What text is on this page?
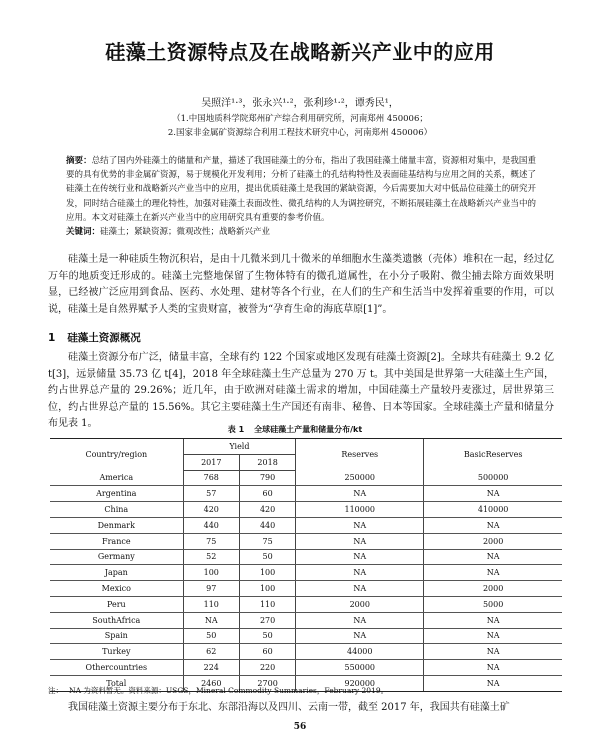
硅藻土资源特点及在战略新兴产业中的应用
吴照洋¹·³，张永兴¹·²，张利珍¹·²，谭秀民¹，
（1.中国地质科学院郑州矿产综合利用研究所，河南郑州 450006；
2.国家非金属矿资源综合利用工程技术研究中心，河南郑州 450006）
摘要：总结了国内外硅藻土的储量和产量，描述了我国硅藻土的分布，指出了我国硅藻土储量丰富，资源相对集中，是我国重要的具有优势的非金属矿资源，易于规模化开发利用；分析了硅藻土的孔结构特性及表面硅基结构与应用之间的关系，概述了硅藻土在传统行业和战略新兴产业当中的应用，提出优质硅藻土是我国的紧缺资源，今后需要加大对中低品位硅藻土的研究开发，同时结合硅藻土的理化特性，加强对硅藻土表面改性、微孔结构的人为调控研究，不断拓展硅藻土在战略新兴产业当中的应用。本文对硅藻土在新兴产业当中的应用研究具有重要的参考价值。
关键词：硅藻土；紧缺资源；微观改性；战略新兴产业
硅藻土是一种硅质生物沉积岩，是由十几微米到几十微米的单细胞水生藻类遗骸（壳体）堆积在一起，经过亿万年的地质变迁形成的。硅藻土完整地保留了生物体特有的微孔道属性，在小分子吸附、微尘捕去除方面效果明显，已经被广泛应用到食品、医药、水处理、建材等各个行业，在人们的生产和生活当中发挥着重要的作用，可以说，硅藻土是自然界赋予人类的宝贵财富，被誉为“孕育生命的海底草原[1]”。
1 硅藻土资源概况
硅藻土资源分布广泛，储量丰富，全球有约 122 个国家或地区发现有硅藻土资源[2]。全球共有硅藻土 9.2 亿 t[3]，远景储量 35.73 亿 t[4]，2018 年全球硅藻土生产总量为 270 万 t。其中美国是世界第一大硅藻土生产国，约占世界总产量的 29.26%；近几年，由于欧洲对硅藻土需求的增加，中国硅藻土产量较丹麦涨过，居世界第三位，约占世界总产量的 15.56%。其它主要硅藻土生产国还有南非、秘鲁、日本等国家。全球硅藻土产量和储量分布见表 1。
表 1 全球硅藻土产量和储量分布/kt
Country/region	Yield		Reserves	BasicReserves
	2017	2018		
America	768	790	250000	500000
Argentina	57	60	NA	NA
China	420	420	110000	410000
Denmark	440	440	NA	NA
France	75	75	NA	2000
Germany	52	50	NA	NA
Japan	100	100	NA	NA
Mexico	97	100	NA	2000
Peru	110	110	2000	5000
SouthAfrica	NA	270	NA	NA
Spain	50	50	NA	NA
Turkey	62	60	44000	NA
Othercountries	224	220	550000	NA
Total	2460	2700	920000	NA
注： NA 为资料暂无。资料来源：USGS，Mineral Commodity Summaries，February 2019。
我国硅藻土资源主要分布于东北、东部沿海以及四川、云南一带，截至 2017 年，我国共有硅藻土矿
56
